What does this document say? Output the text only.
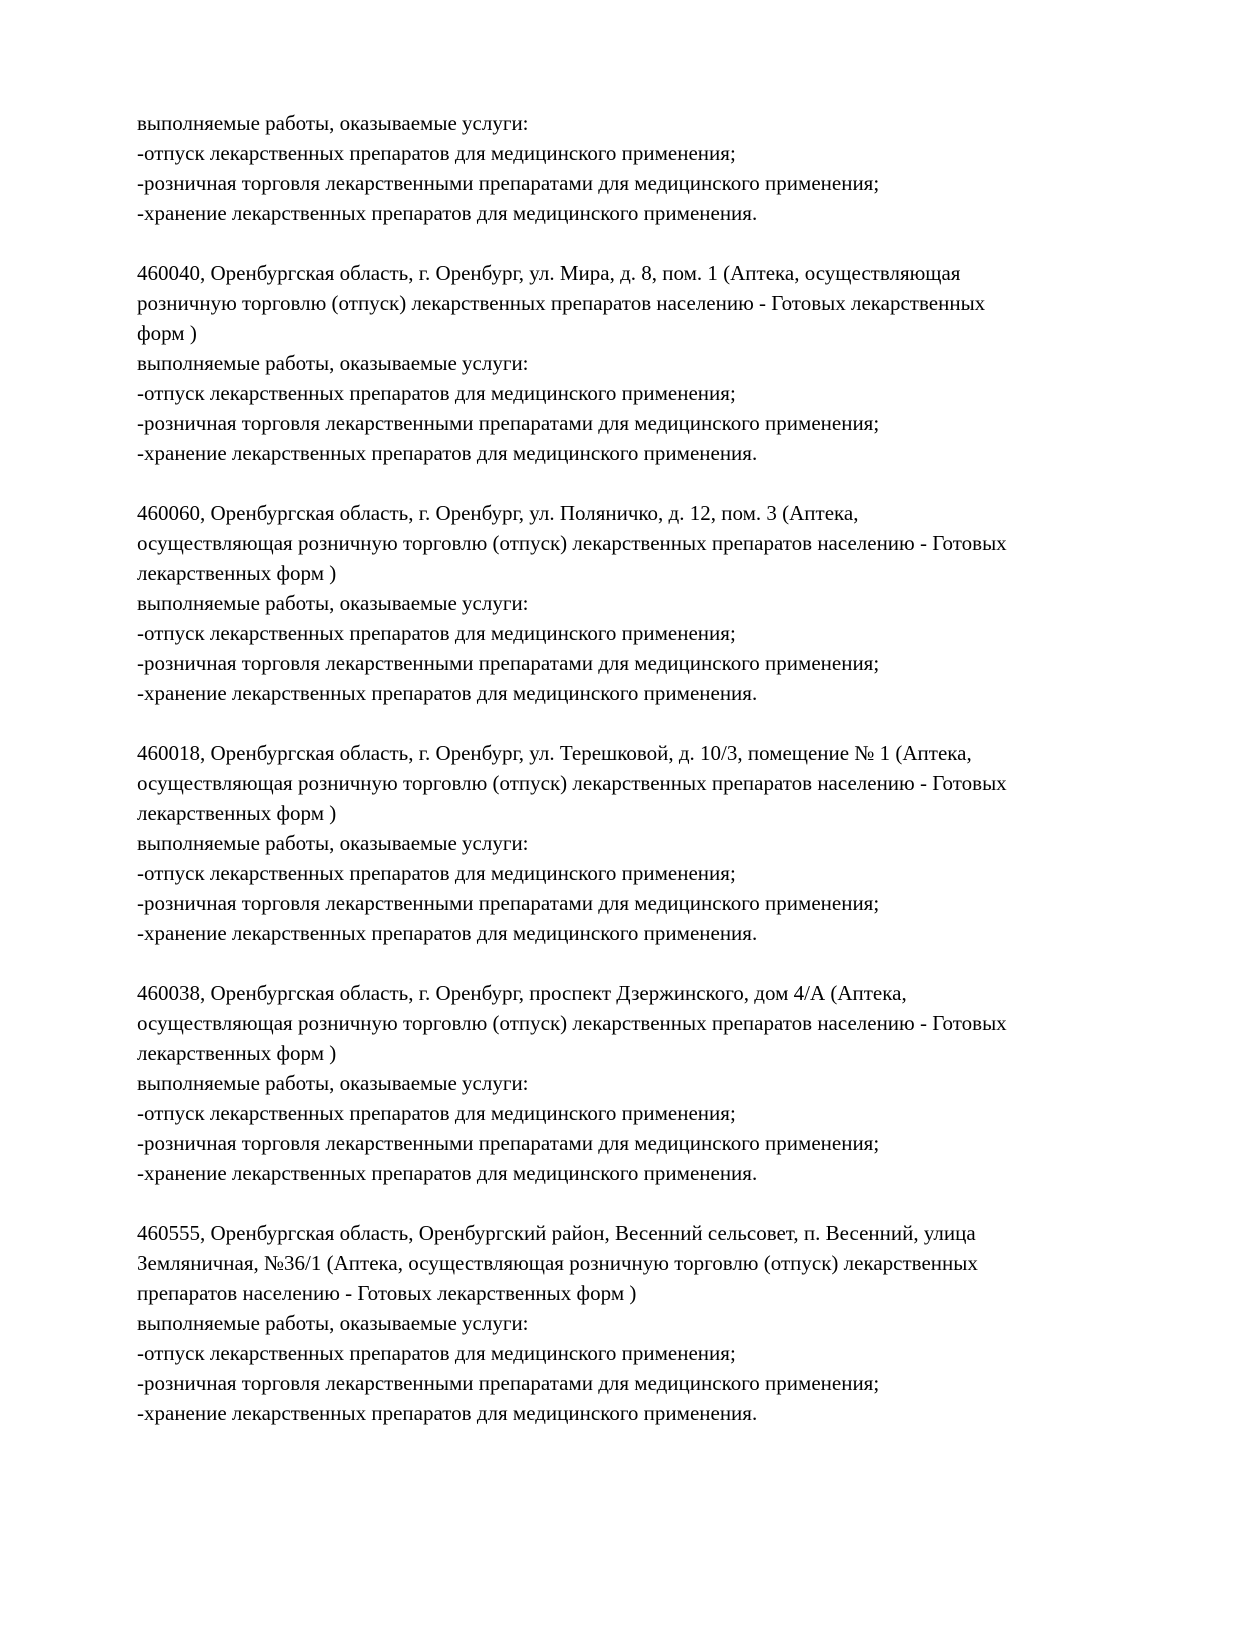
выполняемые работы, оказываемые услуги:
-отпуск лекарственных препаратов для медицинского применения;
-розничная торговля лекарственными препаратами для медицинского применения;
-хранение лекарственных препаратов для медицинского применения.
460040, Оренбургская область, г. Оренбург, ул. Мира, д. 8, пом. 1 (Аптека, осуществляющая
розничную торговлю (отпуск) лекарственных препаратов населению - Готовых лекарственных
форм )
выполняемые работы, оказываемые услуги:
-отпуск лекарственных препаратов для медицинского применения;
-розничная торговля лекарственными препаратами для медицинского применения;
-хранение лекарственных препаратов для медицинского применения.
460060, Оренбургская область, г. Оренбург, ул. Поляничко, д. 12, пом. 3 (Аптека,
осуществляющая розничную торговлю (отпуск) лекарственных препаратов населению - Готовых
лекарственных форм )
выполняемые работы, оказываемые услуги:
-отпуск лекарственных препаратов для медицинского применения;
-розничная торговля лекарственными препаратами для медицинского применения;
-хранение лекарственных препаратов для медицинского применения.
460018, Оренбургская область, г. Оренбург, ул. Терешковой, д. 10/3, помещение № 1 (Аптека,
осуществляющая розничную торговлю (отпуск) лекарственных препаратов населению - Готовых
лекарственных форм )
выполняемые работы, оказываемые услуги:
-отпуск лекарственных препаратов для медицинского применения;
-розничная торговля лекарственными препаратами для медицинского применения;
-хранение лекарственных препаратов для медицинского применения.
460038, Оренбургская область, г. Оренбург, проспект Дзержинского, дом 4/А (Аптека,
осуществляющая розничную торговлю (отпуск) лекарственных препаратов населению - Готовых
лекарственных форм )
выполняемые работы, оказываемые услуги:
-отпуск лекарственных препаратов для медицинского применения;
-розничная торговля лекарственными препаратами для медицинского применения;
-хранение лекарственных препаратов для медицинского применения.
460555, Оренбургская область, Оренбургский район, Весенний сельсовет, п. Весенний, улица
Земляничная, №36/1 (Аптека, осуществляющая розничную торговлю (отпуск) лекарственных
препаратов населению - Готовых лекарственных форм )
выполняемые работы, оказываемые услуги:
-отпуск лекарственных препаратов для медицинского применения;
-розничная торговля лекарственными препаратами для медицинского применения;
-хранение лекарственных препаратов для медицинского применения.
